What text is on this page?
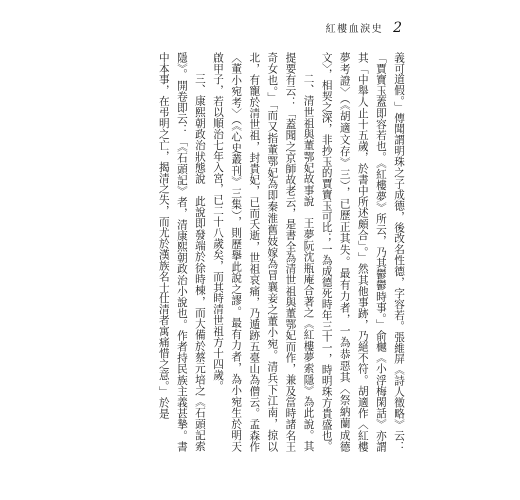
紅樓血淚史 2

義可道假。」傳聞謂明珠之子成德，後改名性德，字容若。張維屏《詩人徵略》云：「賈寶玉蓋即容若也。《紅樓夢》所云，乃其鬱鬱時事。」俞樾《小浮梅閑話》亦謂其「中舉人止十五歲，於書中所述頗合」。」然其他事跡，乃絕不符。胡適作〈紅樓夢考證〉（《胡適文存》三），已歷正其失。最有力者，一為恭惡其〈祭納蘭成德文〉，相契之深，非抄玉的賈寶玉可比；一為成德死時年三十一，時明珠方貴盛也。

二、清世祖與董鄂妃故事說　王夢阮沈瓶庵合著之《紅樓夢索隱》為此說。其提要有云：「蓋聞之京師故老云，是書全為清世祖與董鄂妃而作，兼及當時諸名王奇女也。」「而又指董鄂妃為即秦淮舊妓嫁為冒襄妾之董小宛。清兵下江南，掠以北，有寵於清世祖，封貴妃，已而夭逝，世祖哀痛，乃遁跡五臺山為僧云。孟森作〈董小宛考〉（《心史叢刊》三集），則歷擧此說之謬。最有力者，為小宛生於明天啟甲子，若以順治七年入宮，已二十八歲矣，而其時清世祖方十四歲。

三、康熙朝政治狀態說　此說即發端於徐時棟，而大備於蔡元培之《石頭記索隱》。開卷即云：「《石頭記》者，清康熙朝政治小說也。作者持民族主義甚摯。書中本事，在弔明之亡，揭清之失，而尤於漢族名士仕清者寓痛惜之意。」於是
